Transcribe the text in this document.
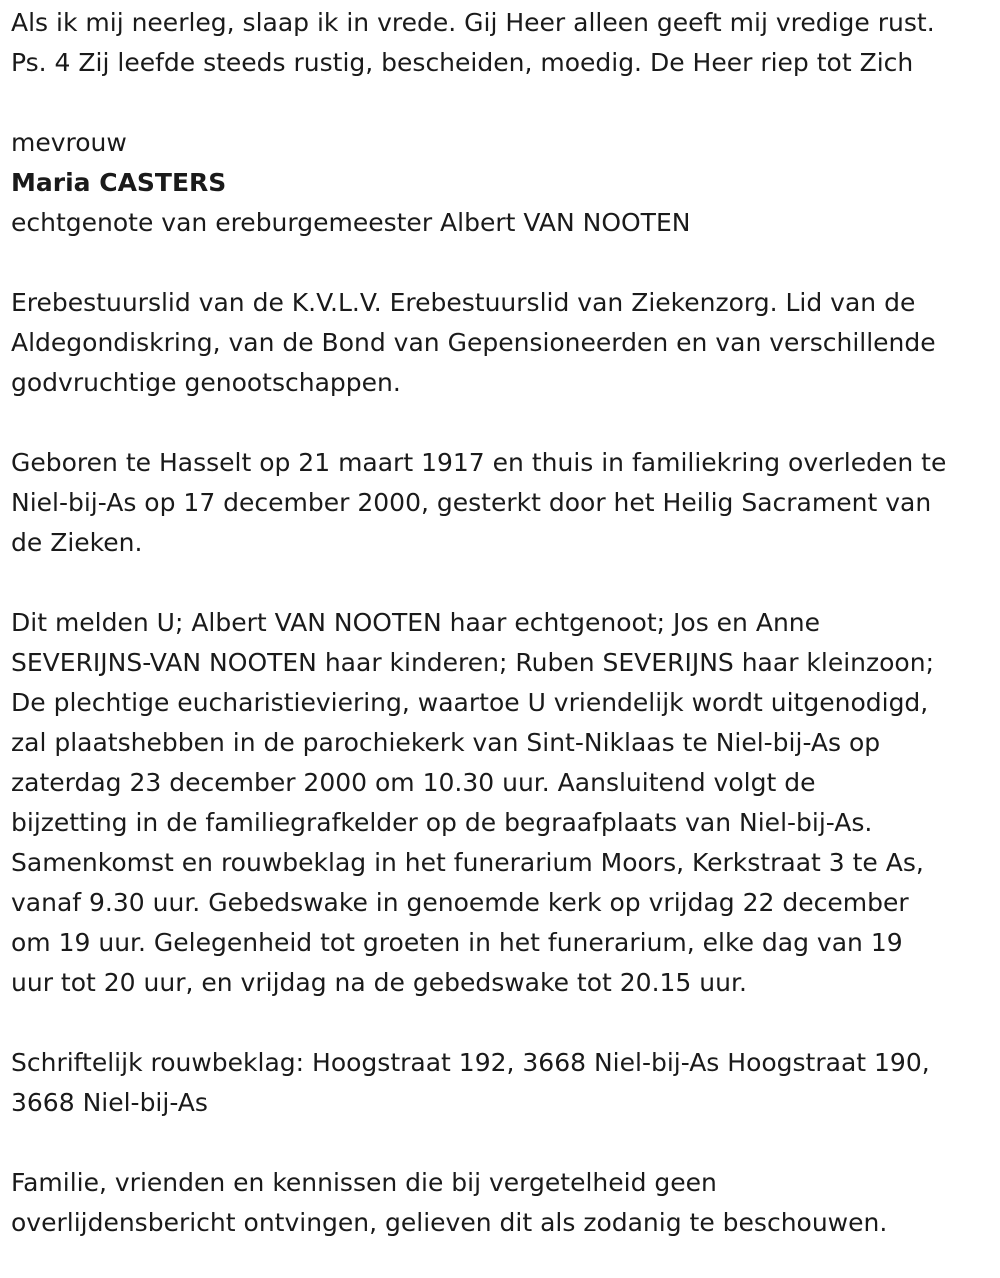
Als ik mij neerleg, slaap ik in vrede. Gij Heer alleen geeft mij vredige rust.
Ps. 4 Zij leefde steeds rustig, bescheiden, moedig. De Heer riep tot Zich
mevrouw
Maria CASTERS
echtgenote van ereburgemeester Albert VAN NOOTEN
Erebestuurslid van de K.V.L.V. Erebestuurslid van Ziekenzorg. Lid van de
Aldegondiskring, van de Bond van Gepensioneerden en van verschillende
godvruchtige genootschappen.
Geboren te Hasselt op 21 maart 1917 en thuis in familiekring overleden te
Niel-bij-As op 17 december 2000, gesterkt door het Heilig Sacrament van
de Zieken.
Dit melden U; Albert VAN NOOTEN haar echtgenoot; Jos en Anne
SEVERIJNS-VAN NOOTEN haar kinderen; Ruben SEVERIJNS haar kleinzoon;
De plechtige eucharistieviering, waartoe U vriendelijk wordt uitgenodigd,
zal plaatshebben in de parochiekerk van Sint-Niklaas te Niel-bij-As op
zaterdag 23 december 2000 om 10.30 uur. Aansluitend volgt de
bijzetting in de familiegrafkelder op de begraafplaats van Niel-bij-As.
Samenkomst en rouwbeklag in het funerarium Moors, Kerkstraat 3 te As,
vanaf 9.30 uur. Gebedswake in genoemde kerk op vrijdag 22 december
om 19 uur. Gelegenheid tot groeten in het funerarium, elke dag van 19
uur tot 20 uur, en vrijdag na de gebedswake tot 20.15 uur.
Schriftelijk rouwbeklag: Hoogstraat 192, 3668 Niel-bij-As Hoogstraat 190,
3668 Niel-bij-As
Familie, vrienden en kennissen die bij vergetelheid geen
overlijdensbericht ontvingen, gelieven dit als zodanig te beschouwen.
